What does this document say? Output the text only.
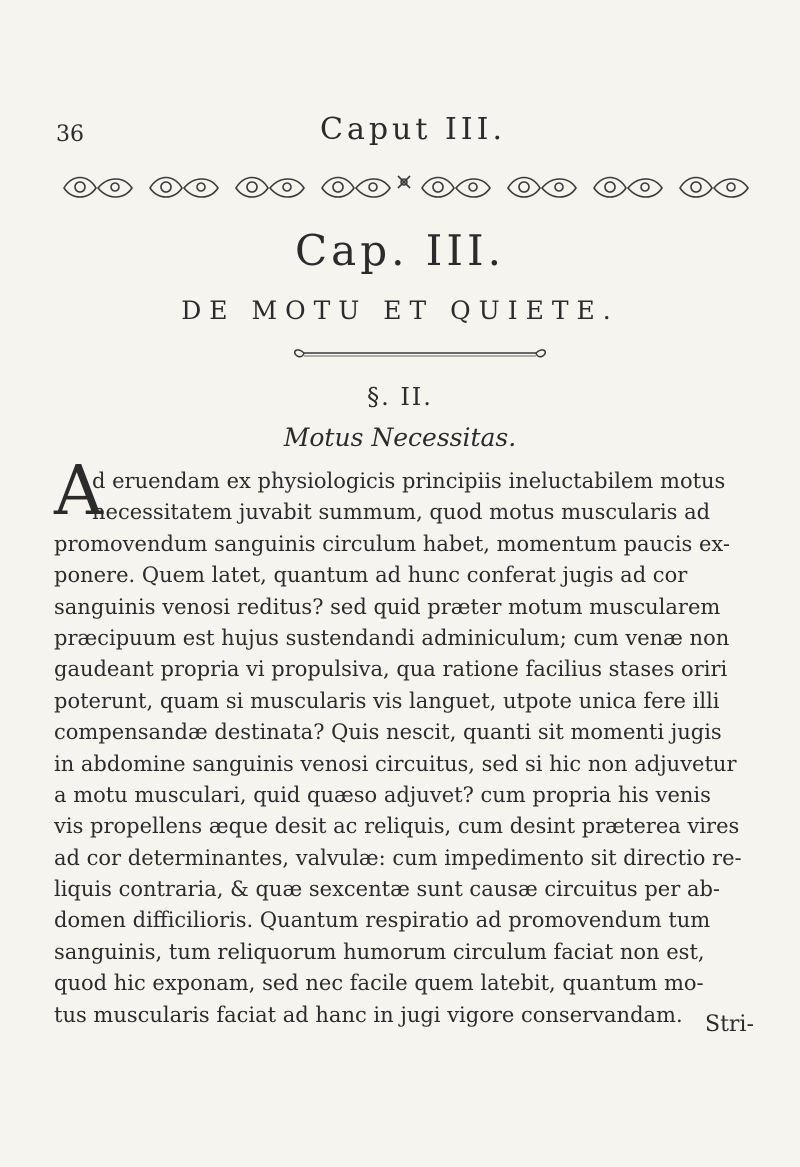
36	Caput III.
Cap. III.
DE MOTU ET QUIETE.
§. II.
Motus Necessitas.
A
d eruendam ex physiologicis principiis ineluctabilem motus
necessitatem juvabit summum, quod motus muscularis ad
promovendum sanguinis circulum habet, momentum paucis ex-
ponere. Quem latet, quantum ad hunc conferat jugis ad cor
sanguinis venosi reditus? sed quid præter motum muscularem
præcipuum est hujus sustendandi adminiculum; cum venæ non
gaudeant propria vi propulsiva, qua ratione facilius stases oriri
poterunt, quam si muscularis vis languet, utpote unica fere illi
compensandæ destinata? Quis nescit, quanti sit momenti jugis
in abdomine sanguinis venosi circuitus, sed si hic non adjuvetur
a motu musculari, quid quæso adjuvet? cum propria his venis
vis propellens æque desit ac reliquis, cum desint præterea vires
ad cor determinantes, valvulæ: cum impedimento sit directio re-
liquis contraria, & quæ sexcentæ sunt causæ circuitus per ab-
domen difficilioris. Quantum respiratio ad promovendum tum
sanguinis, tum reliquorum humorum circulum faciat non est,
quod hic exponam, sed nec facile quem latebit, quantum mo-
tus muscularis faciat ad hanc in jugi vigore conservandam.	Stri-
